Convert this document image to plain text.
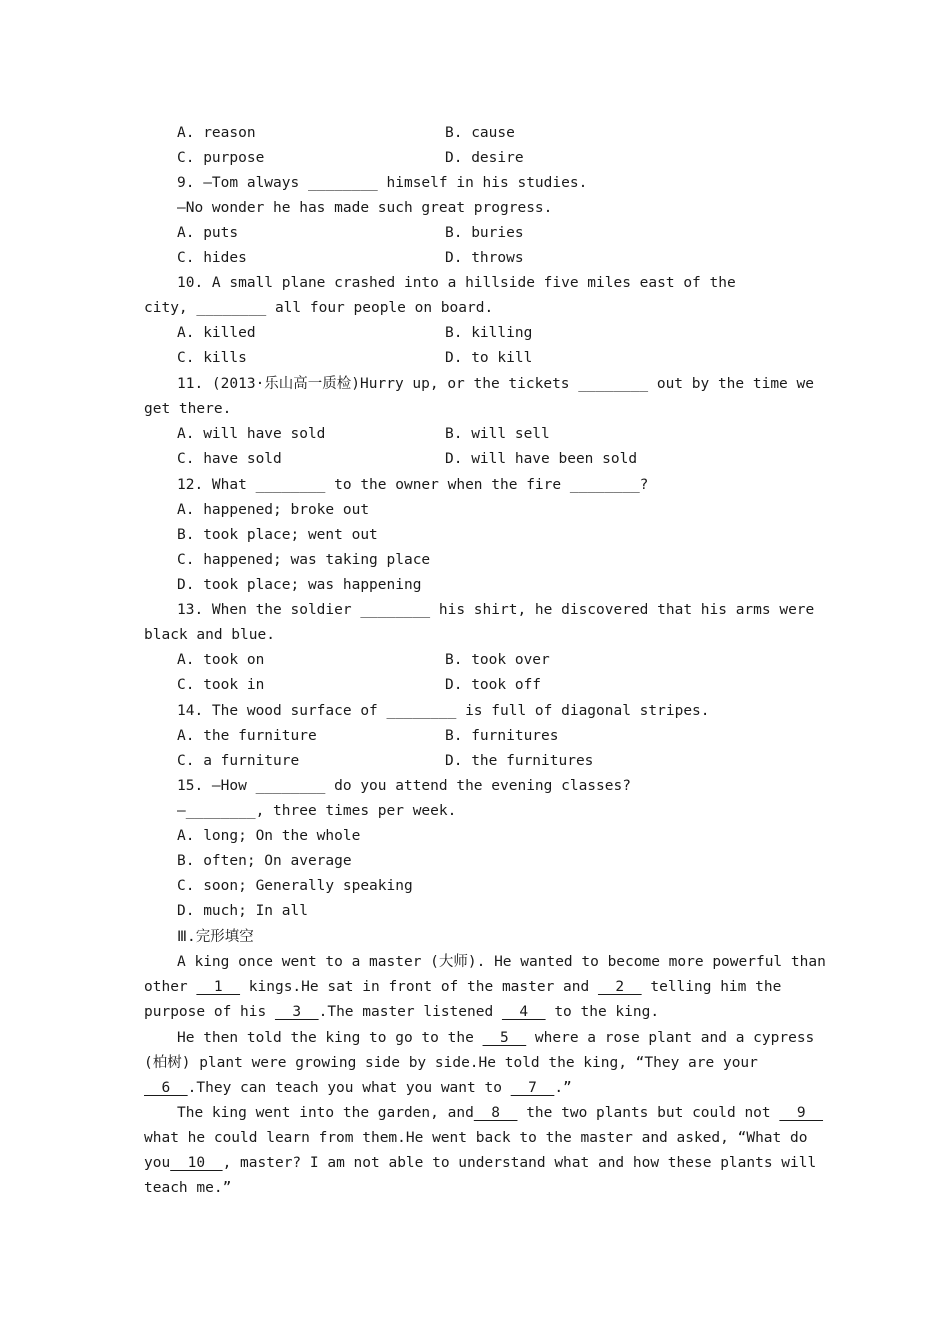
A. reason	B. cause
C. purpose	D. desire
9. —Tom always ________ himself in his studies.
—No wonder he has made such great progress.
A. puts	B. buries
C. hides	D. throws
10. A small plane crashed into a hillside five miles east of the
city, ________ all four people on board.
A. killed	B. killing
C. kills	D. to kill
11. (2013·乐山高一质检)Hurry up, or the tickets ________ out by the time we
get there.
A. will have sold	B. will sell
C. have sold	D. will have been sold
12. What ________ to the owner when the fire ________?
A. happened; broke out
B. took place; went out
C. happened; was taking place
D. took place; was happening
13. When the soldier ________ his shirt, he discovered that his arms were
black and blue.
A. took on	B. took over
C. took in	D. took off
14. The wood surface of ________ is full of diagonal stripes.
A. the furniture	B. furnitures
C. a furniture	D. the furnitures
15. —How ________ do you attend the evening classes?
—________, three times per week.
A. long; On the whole
B. often; On average
C. soon; Generally speaking
D. much; In all
Ⅲ.完形填空
A king once went to a master (大师). He wanted to become more powerful than
other   1   kings.He sat in front of the master and   2   telling him the
purpose of his   3  .The master listened   4   to the king.
He then told the king to go to the   5   where a rose plant and a cypress
(柏树) plant were growing side by side.He told the king, “They are your
6  .They can teach you what you want to   7  .”
The king went into the garden, and  8   the two plants but could not   9
what he could learn from them.He went back to the master and asked, “What do
you  10  , master? I am not able to understand what and how these plants will
teach me.”
